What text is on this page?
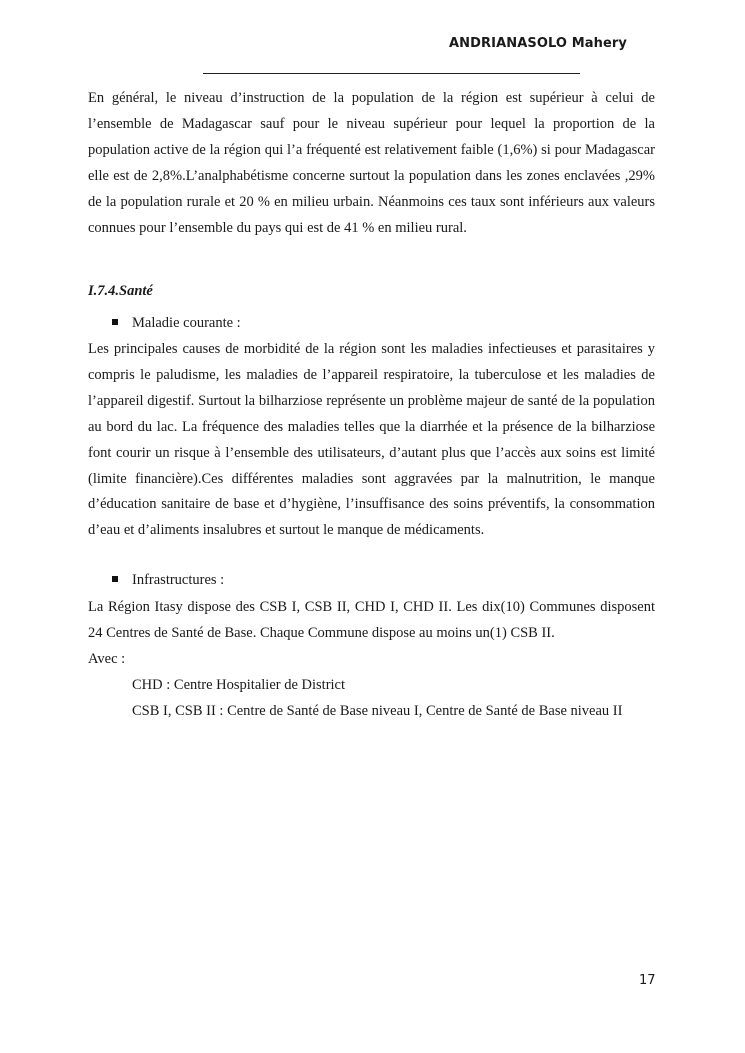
ANDRIANASOLO Mahery

En général, le niveau d’instruction de la population de la région est supérieur à celui de l’ensemble de Madagascar sauf pour le niveau supérieur pour lequel la proportion de la population active de la région qui l’a fréquenté est relativement faible (1,6%) si pour Madagascar elle est de 2,8%.L’analphabétisme concerne surtout la population dans les zones enclavées ,29% de la population rurale et 20 % en milieu urbain. Néanmoins ces taux sont inférieurs aux valeurs connues pour l’ensemble du pays qui est de 41 % en milieu rural.

I.7.4.Santé

Maladie courante :

Les principales causes de morbidité de la région sont les maladies infectieuses et parasitaires y compris le paludisme, les maladies de l’appareil respiratoire, la tuberculose et les maladies de l’appareil digestif. Surtout la bilharziose représente un problème majeur de santé de la population au bord du lac. La fréquence des maladies telles que la diarrhée et la présence de la bilharziose font courir un risque à l’ensemble des utilisateurs, d’autant plus que l’accès aux soins est limité (limite financière).Ces différentes maladies sont aggravées par la malnutrition, le manque d’éducation sanitaire de base et d’hygiène, l’insuffisance des soins préventifs, la consommation d’eau et d’aliments insalubres et surtout le manque de médicaments.

Infrastructures :

La Région Itasy dispose des CSB I, CSB II, CHD I, CHD II. Les dix(10) Communes disposent 24 Centres de Santé de Base. Chaque Commune dispose au moins un(1) CSB II.

Avec :

CHD : Centre Hospitalier de District
CSB I, CSB II : Centre de Santé de Base niveau I, Centre de Santé de Base niveau II
17
